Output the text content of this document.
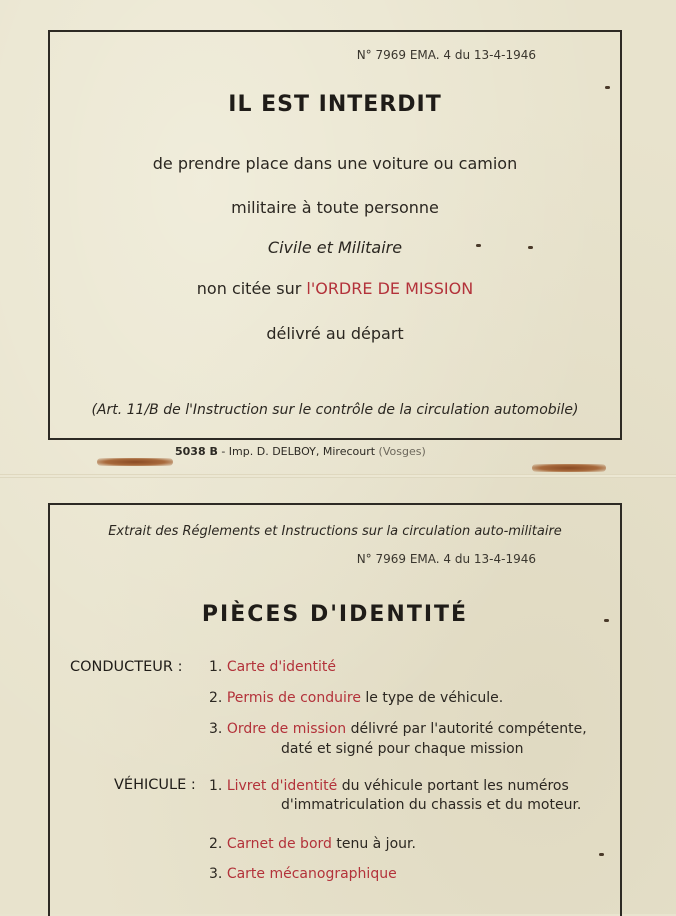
N° 7969 EMA. 4 du 13-4-1946
IL EST INTERDIT
de prendre place dans une voiture ou camion
militaire à toute personne
Civile et Militaire
non citée sur l'ORDRE DE MISSION
délivré au départ
(Art. 11/B de l'Instruction sur le contrôle de la circulation automobile)
5038 B - Imp. D. DELBOY, Mirecourt (Vosges)
Extrait des Réglements et Instructions sur la circulation auto-militaire
N° 7969 EMA. 4 du 13-4-1946
PIÈCES D'IDENTITÉ
CONDUCTEUR : 1. Carte d'identité
2. Permis de conduire le type de véhicule.
3. Ordre de mission délivré par l'autorité compétente,
daté et signé pour chaque mission
VÉHICULE : 1. Livret d'identité du véhicule portant les numéros
d'immatriculation du chassis et du moteur.
2. Carnet de bord tenu à jour.
3. Carte mécanographique
